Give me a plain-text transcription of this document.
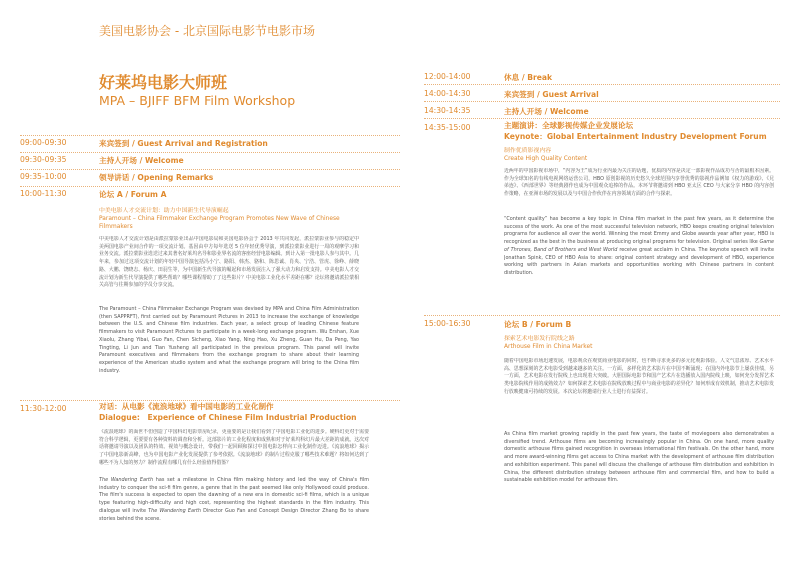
美国电影协会 - 北京国际电影节电影市场
好莱坞电影大师班
MPA – BJIFF BFM Film Workshop
09:00-09:30	来宾签到 / Guest Arrival and Registration
09:30-09:35	主持人开场 / Welcome
09:35-10:00	领导讲话 / Opening Remarks
10:00-11:30	论坛 A / Forum A
中美电影人才交流计划：助力中国新生代导演崛起
Paramount – China Filmmaker Exchange Program Promotes New Wave of Chinese Filmmakers
中美电影人才交流计划是由派拉蒙影业出品中国电影局和美国电影协会于 2013 年共同发起，派拉蒙影业参与的稳定中美两国电影产业间合作的一项交流计划。基因由中方每年选送 5 位年轻优秀导演，到派拉蒙影业进行一周的观摩学习和业务交流。派拉蒙影业选送过来其著名好莱坞名导和影业界名流的客座经营电影编辑。到计入第一批电影人参与其中。几年来，参加过这项交流计划的年轻中国导演包括冯小宁、路阳、韩杰、骆和、陈思诚、肖央、宁浩、管虎、徐峥、薛晓路、大鹏、饶晓志、杨庆、田羽生等，为中国新生代导演的崛起和市场发展注入了强大动力和启发支持。中美电影人才交流计划为新生代导演提供了哪些帮助？哪些课程帮助了了这些影片？中美电影工业化水平差距在哪？论坛将邀请派拉蒙相关高管与往期参加的学员分享交流。
The Paramount – China Filmmaker Exchange Program was devised by MPA and China Film Administration (then SAPPRFT), first carried out by Paramount Pictures in 2013 to increase the exchange of knowledge between the U.S. and Chinese film industries. Each year, a select group of leading Chinese feature filmmakers to visit Paramount Pictures to participate in a week-long exchange program. Wu Ershan, Xue Xiaolu, Zhang Yibai, Guo Fan, Chen Sicheng, Xiao Yang, Ning Hao, Xu Zheng, Guan Hu, Da Peng, Yao Tingting, Li Jun and Tian Yusheng all participated in the previous program. This panel will invite Paramount executives and filmmakers from the exchange program to share about their learning experience of the American studio system and what the exchange program will bring to the China film industry.
11:30-12:00	对话：从电影《流浪地球》看中国电影的工业化制作
Dialogue:　Experience of Chinese Film Industrial Production
《流浪地球》的面世不但创造了中国科幻电影票房纪录，更重要的是让我们看到了中国电影工业化的进步。硬科幻更对于需要符合科学逻辑，更要要有各种资料的调查和分析。这部影片的工业化程度和成熟和对于好莱坞科幻片最大差距的成就。这次对话将邀请导演以及团队的特效、视效与概念设计，带我们一起回顾和探讨中国电影怎样向工业化制作迈进。《流浪地球》揭示了中国电影新高峰，也为中国电影产业化发展提供了参考依据。《流浪地球》的制片过程克服了哪些技术难题？将如何达到了哪些不为人知的努力？制作流程有哪几有什么经验值得借鉴？
The Wandering Earth has set a milestone in China film making history and led the way of China's film industry to conquer the sci-fi film genre, a genre that in the past seemed like only Hollywood could produce. The film's success is expected to open the dawning of a new era in domestic sci-fi films, which is a unique type featuring high-difficulty and high cost, representing the highest standards in the film industry. This dialogue will invite The Wandering Earth Director Guo Fan and Concept Design Director Zhang Bo to share stories behind the scene.
12:00-14:00	休息 / Break
14:00-14:30	来宾签到 / Guest Arrival
14:30-14:35	主持人开场 / Welcome
14:35-15:00	主题演讲：全球影视传媒企业发展论坛
Keynote：Global Entertainment Industry Development Forum
制作优质影视内容
Create High Quality Content
近两年的中国影视市场中，“内容为王”成为行业内最为关注的话题，优质的内容是决定一部影视作品成功与否的最根本因素。作为全球知名的有线电视网络运营公司，HBO 原创影视的历史悠久全球范围内享誉优秀的影视作品例如《权力的游戏》、《兄弟连》、《西部世界》等经典剧作也成为中国观众追捧的作品。本环节将邀请到 HBO 亚太区 CEO 与大家分享 HBO 的内容创作策略，在亚洲市场的发展以及与中国合作伙伴在内容领域方面的合作与探索。
“Content quality” has become a key topic in China film market in the past few years, as it determine the success of the work. As one of the most successful television network, HBO keeps creating original television programs for audience all over the world. Winning the most Emmy and Globe awards year after year, HBO is recognized as the best in the business at producing original programs for television. Original series like Game of Thrones, Band of Brothers and West World receive great acclaim in China. The keynote speech will invite Jonathan Spink, CEO of HBO Asia to share: original content strategy and development of HBO, experience working with partners in Asian markets and opportunities working with Chinese partners in content distribution.
15:00-16:30	论坛 B / Forum B
探索艺术电影发行院线之路
Arthouse Film in China Market
随着中国电影市场迅速发展，电影观众在观赏商业电影的同时，也不断寻求更多的多元化观影体验。人文气息浓厚、艺术水平高、思想深刻的艺术电影受到越来越多的关注。一方面，多样化的艺术影片在中国不断涌现；在国内外电影节上屡获佳绩，另一方面，艺术电影在发行院线上也出现着大突破。大胆国际电影节和国产艺术片在选播放入国内院线上映，如何充分发挥艺术类电影院线作用的成熟效力？如何探索艺术电影在院线放映过程中与商业电影的差异化？如何形成有效机制，推动艺术电影发行放映健康可持续的发展。本次论坛将邀请行业人士进行有益探讨。
As China film market growing rapidly in the past few years, the taste of moviegoers also demonstrates a diversified trend. Arthouse films are becoming increasingly popular in China. On one hand, more quality domestic arthouse films gained recognition in overseas international film festivals. On the other hand, more and more award-winning films get access to China market with the development of arthouse film distribution and exhibition experiment. This panel will discuss the challenge of arthouse film distribution and exhibition in China, the different distribution strategy between arthouse film and commercial film, and how to build a sustainable exhibition model for arthouse film.
